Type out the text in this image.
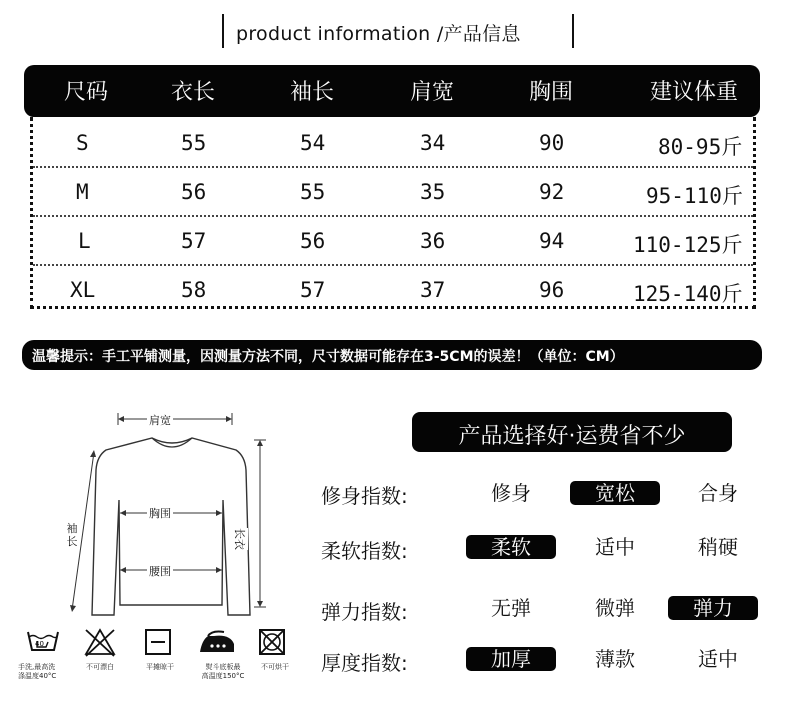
product information /产品信息
尺码	衣长	袖长	肩宽	胸围	建议体重
S	55	54	34	90	80-95斤
M	56	55	35	92	95-110斤
L	57	56	36	94	110-125斤
XL	58	57	37	96	125-140斤
温馨提示：手工平铺测量，因测量方法不同，尺寸数据可能存在3-5CM的误差！（单位：CM）
肩宽
胸围
腰围
袖
长	长衣
40
手洗,最高洗
涤温度40°C
不可漂白	平摊晾干	熨斗底板最
高温度150°C
不可烘干
产品选择好·运费省不少
修身指数:	修身	宽松	合身
柔软指数:	柔软	适中	稍硬
弹力指数:	无弹	微弹	弹力
厚度指数:	加厚	薄款	适中
